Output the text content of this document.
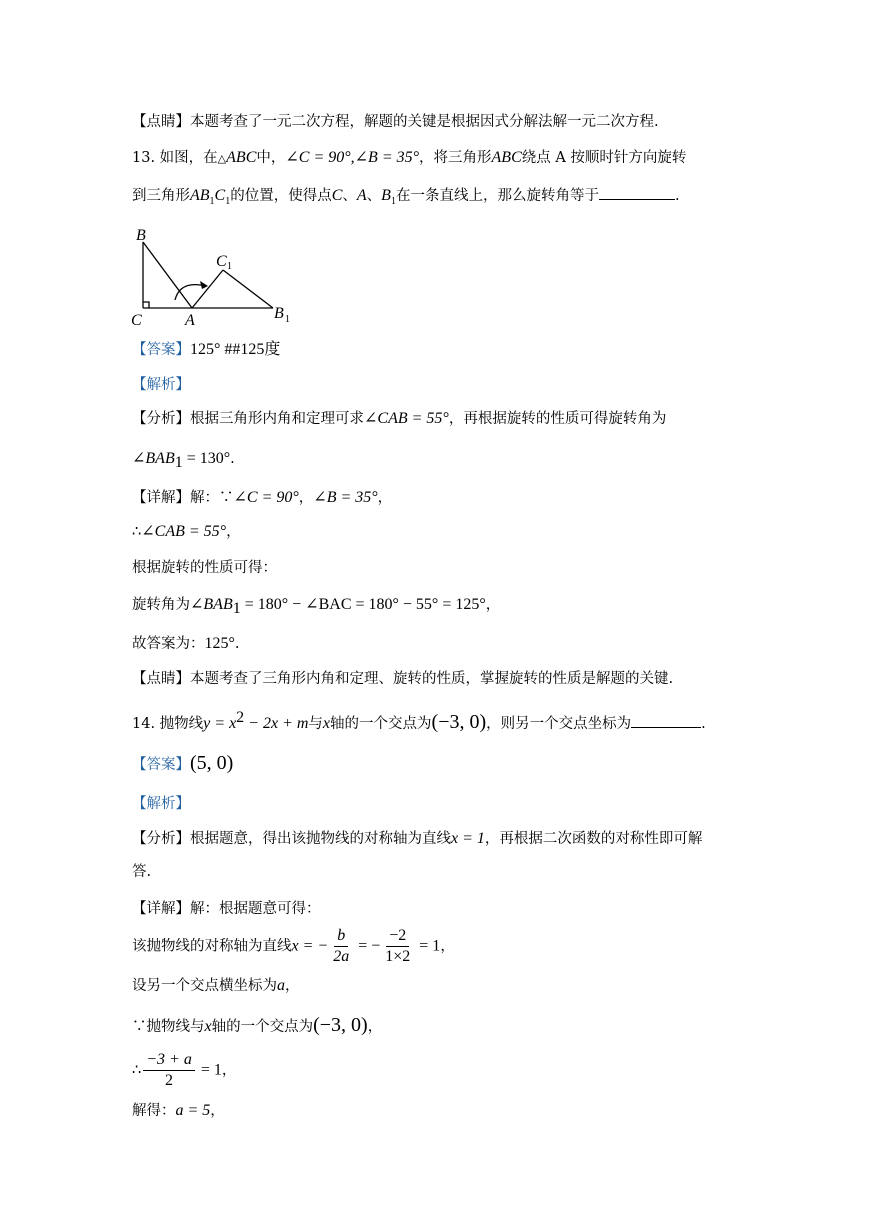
【点睛】本题考查了一元二次方程，解题的关键是根据因式分解法解一元二次方程.
13. 如图，在△ABC中，∠C = 90°,∠B = 35°，将三角形ABC绕点 A 按顺时针方向旋转
到三角形$AB_1C_1$的位置，使得点C、A、$B_1$在一条直线上，那么旋转角等于	.
B
C	A
C 1
B 1
【答案】125° ##125度
【解析】
【分析】根据三角形内角和定理可求∠CAB = 55°，再根据旋转的性质可得旋转角为
$\angle BAB_1 = 130^\circ$.
【详解】解：∵∠C = 90°，∠B = 35°，
∴∠CAB = 55°，
根据旋转的性质可得：
旋转角为$\angle BAB_1 = 180^\circ$ − ∠BAC = 180° − 55° = 125°，
故答案为：125°.
【点睛】本题考查了三角形内角和定理、旋转的性质，掌握旋转的性质是解题的关键.
14. 抛物线$y = x^2 - 2x + m$与x轴的一个交点为(−3, 0)，则另一个交点坐标为	.
【答案】(5, 0)
【解析】
【分析】根据题意，得出该抛物线的对称轴为直线x = 1，再根据二次函数的对称性即可解
答.
【详解】解：根据题意可得：
该抛物线的对称轴为直线x = − $\frac{b}{2a}$ = − $\frac{-2}{1\times 2} = 1$，
设另一个交点横坐标为a，
∵抛物线与x轴的一个交点为(−3, 0)，
∴ $\frac{-3 + a}{2} = 1$，
解得：a = 5，
